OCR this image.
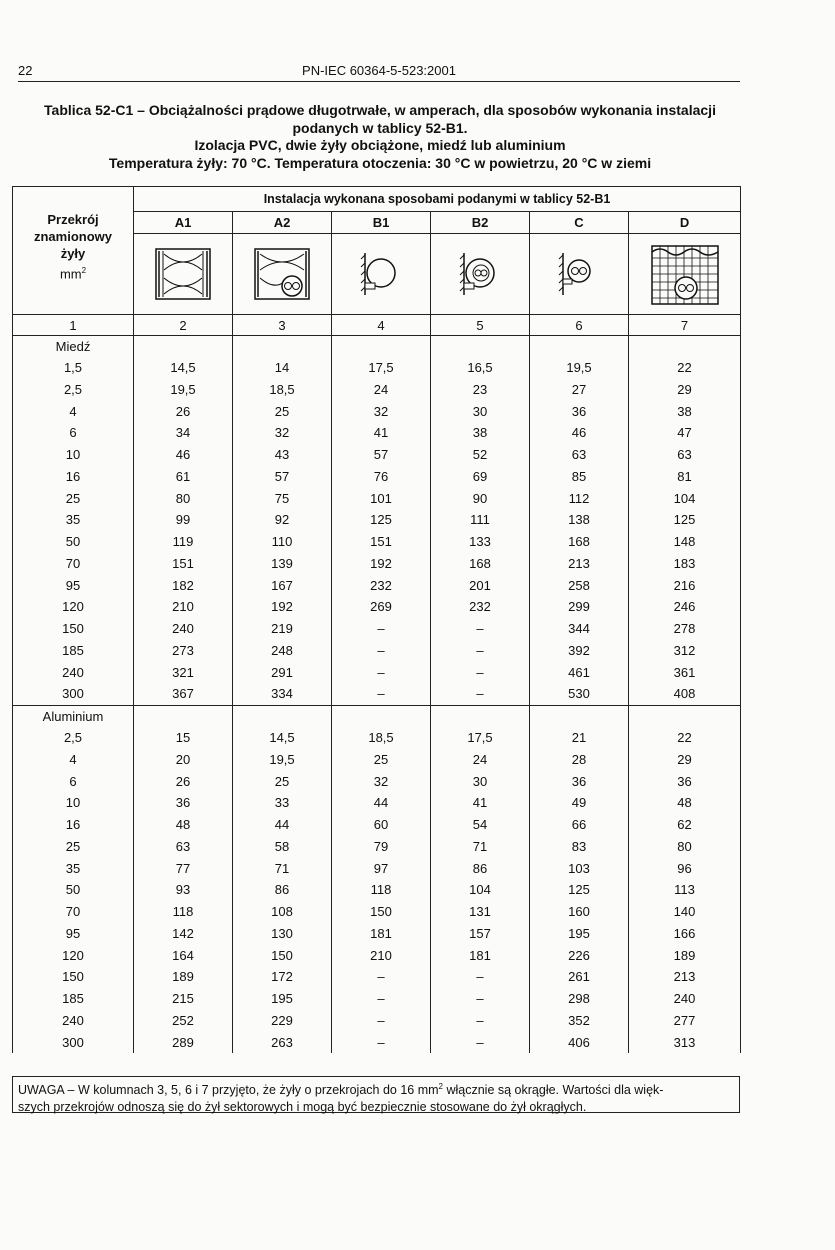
22	PN-IEC 60364-5-523:2001
Tablica 52-C1 – Obciążalności prądowe długotrwałe, w amperach, dla sposobów wykonania instalacji
podanych w tablicy 52-B1.
Izolacja PVC, dwie żyły obciążone, miedź lub aluminium
Temperatura żyły: 70 °C. Temperatura otoczenia: 30 °C w powietrzu, 20 °C w ziemi
Przekrój
znamionowy
żyły
$mm^2$	Instalacja wykonana sposobami podanymi w tablicy 52-B1					
	A1	A2	B1	B2	C	D

1	2	3	4	5	6	7
Miedź						
1,5	14,5	14	17,5	16,5	19,5	22
2,5	19,5	18,5	24	23	27	29
4	26	25	32	30	36	38
6	34	32	41	38	46	47
10	46	43	57	52	63	63
16	61	57	76	69	85	81
25	80	75	101	90	112	104
35	99	92	125	111	138	125
50	119	110	151	133	168	148
70	151	139	192	168	213	183
95	182	167	232	201	258	216
120	210	192	269	232	299	246
150	240	219	–	–	344	278
185	273	248	–	–	392	312
240	321	291	–	–	461	361
300	367	334	–	–	530	408
Aluminium						
2,5	15	14,5	18,5	17,5	21	22
4	20	19,5	25	24	28	29
6	26	25	32	30	36	36
10	36	33	44	41	49	48
16	48	44	60	54	66	62
25	63	58	79	71	83	80
35	77	71	97	86	103	96
50	93	86	118	104	125	113
70	118	108	150	131	160	140
95	142	130	181	157	195	166
120	164	150	210	181	226	189
150	189	172	–	–	261	213
185	215	195	–	–	298	240
240	252	229	–	–	352	277
300	289	263	–	–	406	313
UWAGA – W kolumnach 3, 5, 6 i 7 przyjęto, że żyły o przekrojach do 16 $mm^2$ włącznie są okrągłe. Wartości dla więk-
szych przekrojów odnoszą się do żył sektorowych i mogą być bezpiecznie stosowane do żył okrągłych.
